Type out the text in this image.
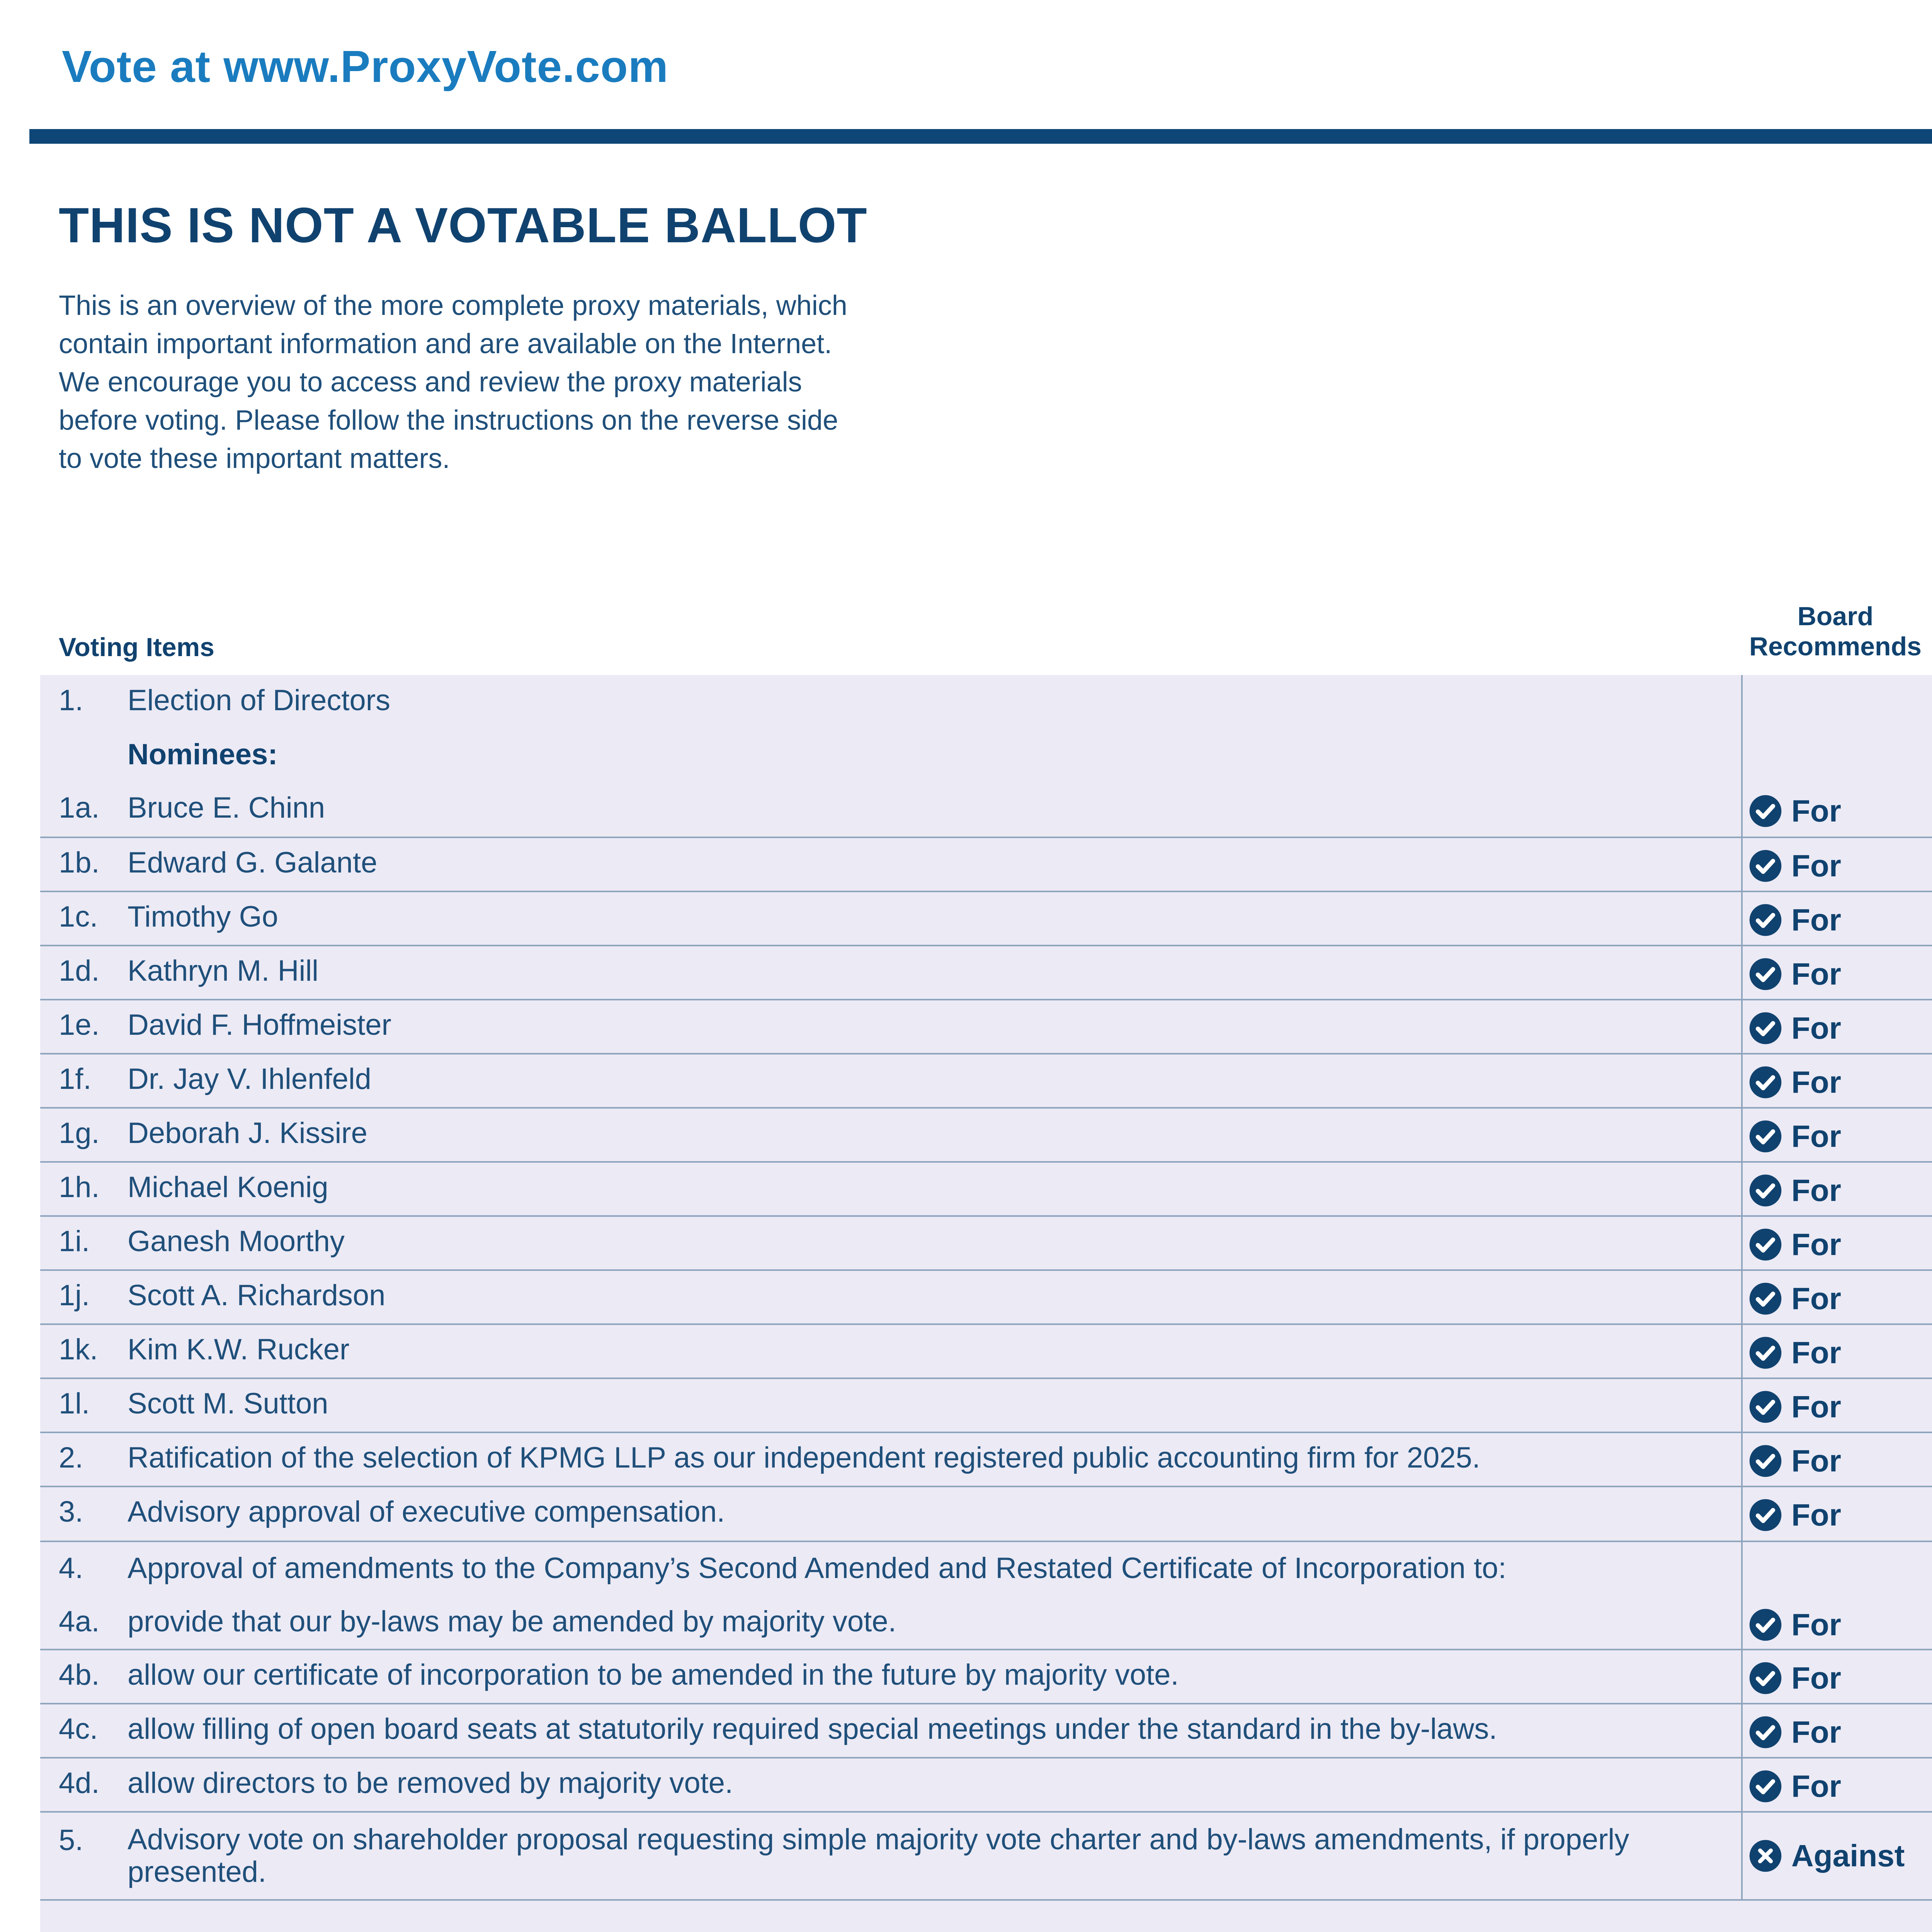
Vote at www.ProxyVote.com
THIS IS NOT A VOTABLE BALLOT
This is an overview of the more complete proxy materials, which
contain important information and are available on the Internet.
We encourage you to access and review the proxy materials
before voting. Please follow the instructions on the reverse side
to vote these important matters.
Voting Items
Board
Recommends
1. Election of Directors
Nominees:
1a. Bruce E. Chinn	For
1b. Edward G. Galante	For
1c. Timothy Go	For
1d. Kathryn M. Hill	For
1e. David F. Hoffmeister	For
1f. Dr. Jay V. Ihlenfeld	For
1g. Deborah J. Kissire	For
1h. Michael Koenig	For
1i. Ganesh Moorthy	For
1j. Scott A. Richardson	For
1k. Kim K.W. Rucker	For
1l. Scott M. Sutton	For
2. Ratification of the selection of KPMG LLP as our independent registered public accounting firm for 2025.	For
3. Advisory approval of executive compensation.	For
4. Approval of amendments to the Company’s Second Amended and Restated Certificate of Incorporation to:
4a. provide that our by-laws may be amended by majority vote.	For
4b. allow our certificate of incorporation to be amended in the future by majority vote.	For
4c. allow filling of open board seats at statutorily required special meetings under the standard in the by-laws.	For
4d. allow directors to be removed by majority vote.	For
5. Advisory vote on shareholder proposal requesting simple majority vote charter and by-laws amendments, if properly presented.	Against
